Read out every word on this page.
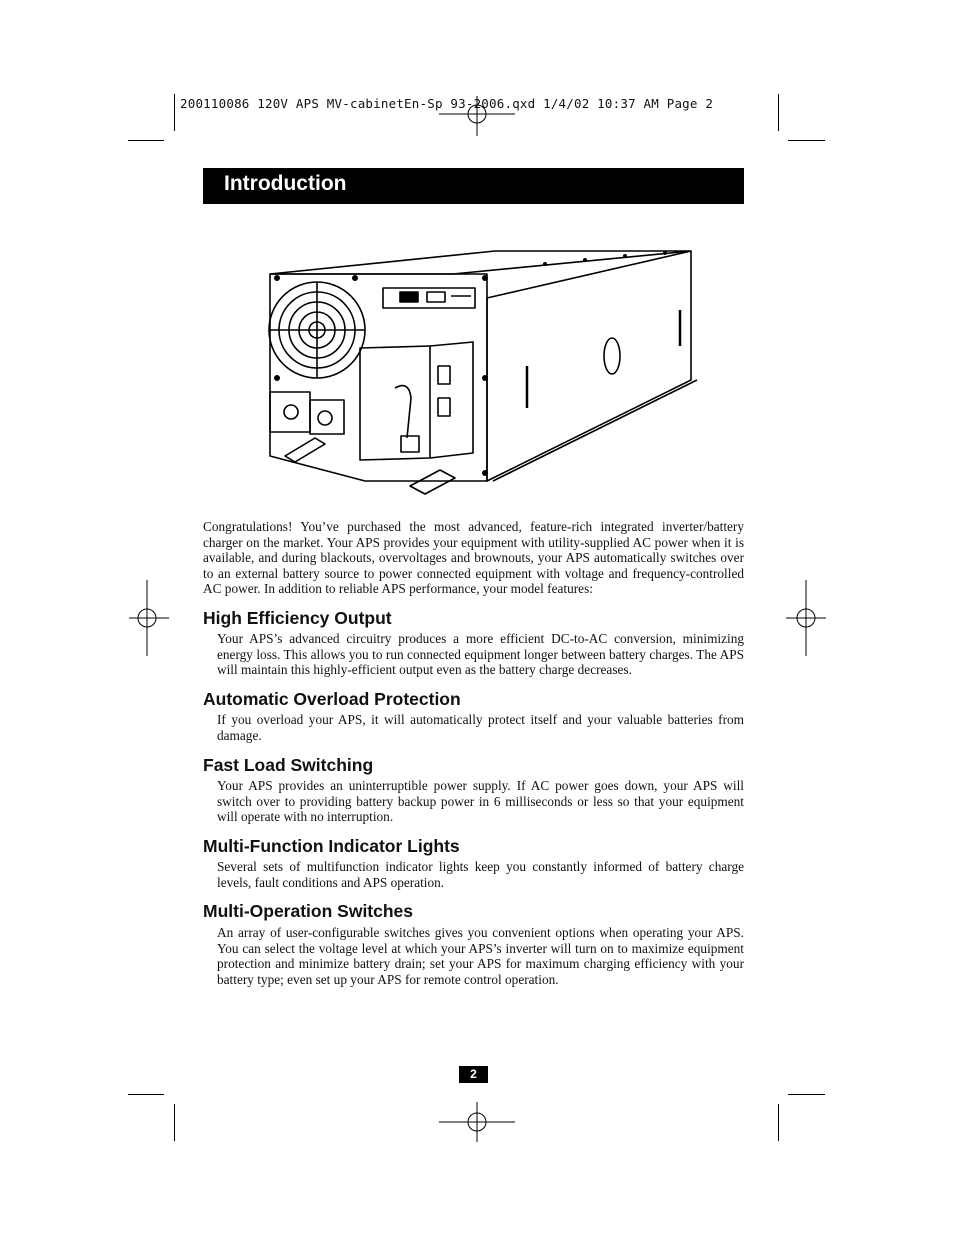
200110086 120V APS MV-cabinetEn-Sp 93-2006.qxd 1/4/02 10:37 AM Page 2
Introduction

Congratulations! You’ve purchased the most advanced, feature-rich integrated inverter/battery charger on the market. Your APS provides your equipment with utility-supplied AC power when it is available, and during blackouts, overvoltages and brownouts, your APS automatically switches over to an external battery source to power connected equipment with voltage and frequency-controlled AC power. In addition to reliable APS performance, your model features:

High Efficiency Output

Your APS’s advanced circuitry produces a more efficient DC-to-AC conversion, minimizing energy loss. This allows you to run connected equipment longer between battery charges. The APS will maintain this highly-efficient output even as the battery charge decreases.

Automatic Overload Protection

If you overload your APS, it will automatically protect itself and your valuable batteries from damage.

Fast Load Switching

Your APS provides an uninterruptible power supply. If AC power goes down, your APS will switch over to providing battery backup power in 6 milliseconds or less so that your equipment will operate with no interruption.

Multi-Function Indicator Lights

Several sets of multifunction indicator lights keep you constantly informed of battery charge levels, fault conditions and APS operation.

Multi-Operation Switches

An array of user-configurable switches gives you convenient options when operating your APS. You can select the voltage level at which your APS’s inverter will turn on to maximize equipment protection and minimize battery drain; set your APS for maximum charging efficiency with your battery type; even set up your APS for remote control operation.

2
